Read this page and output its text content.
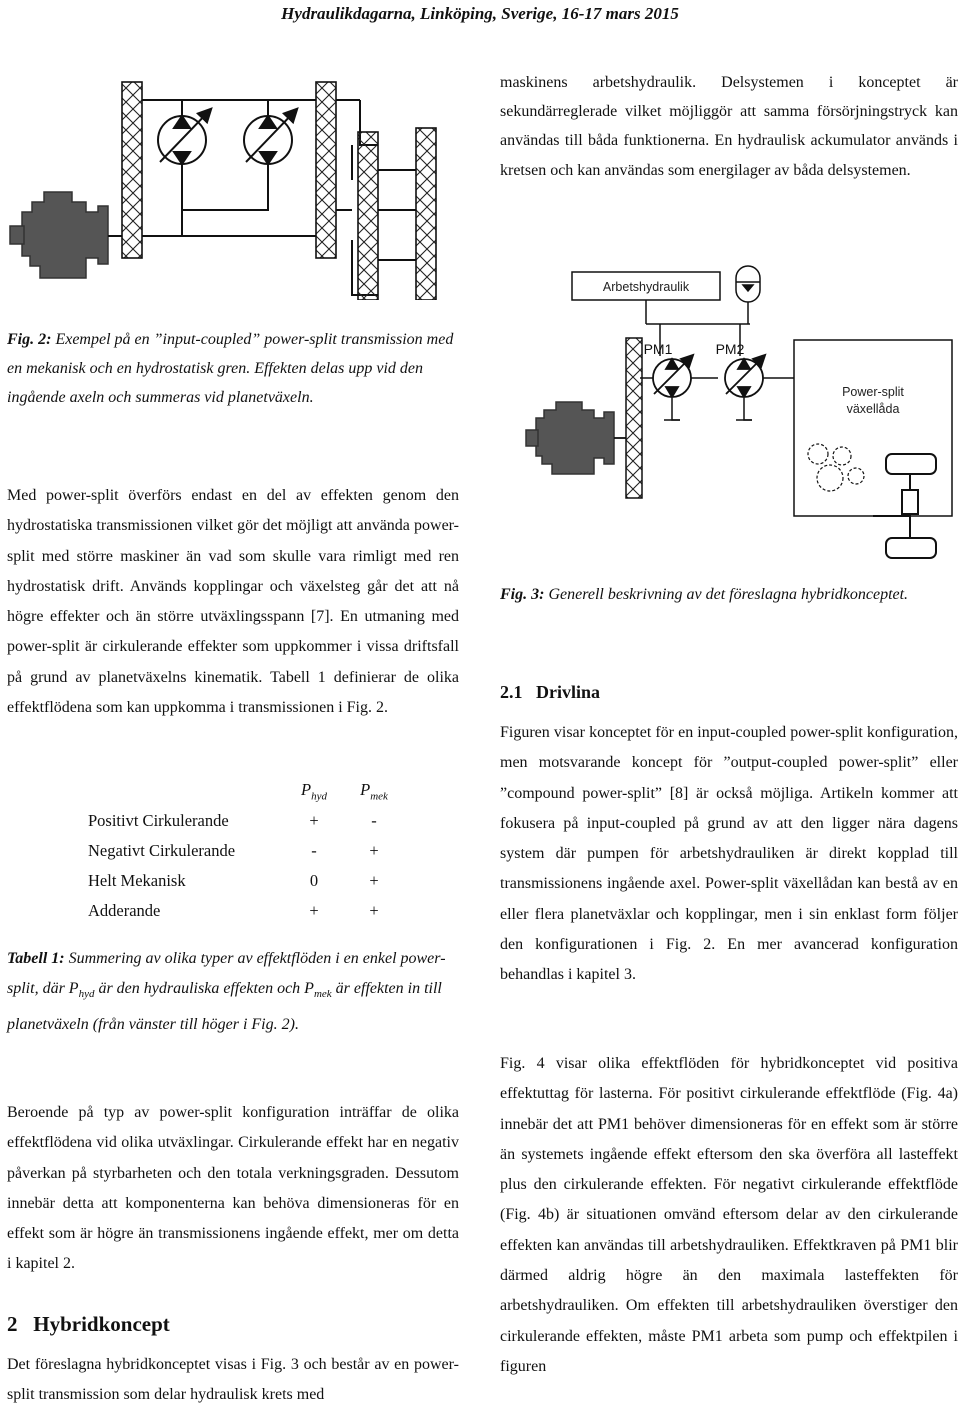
Hydraulikdagarna, Linköping, Sverige, 16-17 mars 2015
Arbetshydraulik
PM1	PM2
Power-split
växellåda

Fig. 2: Exempel på en ”input-coupled” power-split transmission med en mekanisk och en hydrostatisk gren. Effekten delas upp vid den ingående axeln och summeras vid planetväxeln.

Med power-split överförs endast en del av effekten genom den hydrostatiska transmissionen vilket gör det möjligt att använda power-split med större maskiner än vad som skulle vara rimligt med ren hydrostatisk drift. Används kopplingar och växelsteg går det att nå högre effekter och än större utväxlingsspann [7]. En utmaning med power-split är cirkulerande effekter som uppkommer i vissa driftsfall på grund av planetväxelns kinematik. Tabell 1 definierar de olika effektflödena som kan uppkomma i transmissionen i Fig. 2.

	$P_{hyd}$	$P_{mek}$
Positivt Cirkulerande	+	-
Negativt Cirkulerande	-	+
Helt Mekanisk	0	+
Adderande	+	+

Tabell 1: Summering av olika typer av effektflöden i en enkel power-split, där $P_{hyd}$ är den hydrauliska effekten och $P_{mek}$ är effekten in till planetväxeln (från vänster till höger i Fig. 2).

Beroende på typ av power-split konfiguration inträffar de olika effektflödena vid olika utväxlingar. Cirkulerande effekt har en negativ påverkan på styrbarheten och den totala verkningsgraden. Dessutom innebär detta att komponenterna kan behöva dimensioneras för en effekt som är högre än transmissionens ingående effekt, mer om detta i kapitel 2.

2 Hybridkoncept

Det föreslagna hybridkonceptet visas i Fig. 3 och består av en power-split transmission som delar hydraulisk krets med

maskinens arbetshydraulik. Delsystemen i konceptet är sekundärreglerade vilket möjliggör att samma försörjningstryck kan användas till båda funktionerna. En hydraulisk ackumulator används i kretsen och kan användas som energilager av båda delsystemen.

Fig. 3: Generell beskrivning av det föreslagna hybridkonceptet.

2.1 Drivlina

Figuren visar konceptet för en input-coupled power-split konfiguration, men motsvarande koncept för ”output-coupled power-split” eller ”compound power-split” [8] är också möjliga. Artikeln kommer att fokusera på input-coupled på grund av att den ligger nära dagens system där pumpen för arbetshydrauliken är direkt kopplad till transmissionens ingående axel. Power-split växellådan kan bestå av en eller flera planetväxlar och kopplingar, men i sin enklast form följer den konfigurationen i Fig. 2. En mer avancerad konfiguration behandlas i kapitel 3.

Fig. 4 visar olika effektflöden för hybridkonceptet vid positiva effektuttag för lasterna. För positivt cirkulerande effektflöde (Fig. 4a) innebär det att PM1 behöver dimensioneras för en effekt som är större än systemets ingående effekt eftersom den ska överföra all lasteffekt plus den cirkulerande effekten. För negativt cirkulerande effektflöde (Fig. 4b) är situationen omvänd eftersom delar av den cirkulerande effekten kan användas till arbetshydrauliken. Effektkraven på PM1 blir därmed aldrig högre än den maximala lasteffekten för arbetshydrauliken. Om effekten till arbetshydrauliken överstiger den cirkulerande effekten, måste PM1 arbeta som pump och effektpilen i figuren
